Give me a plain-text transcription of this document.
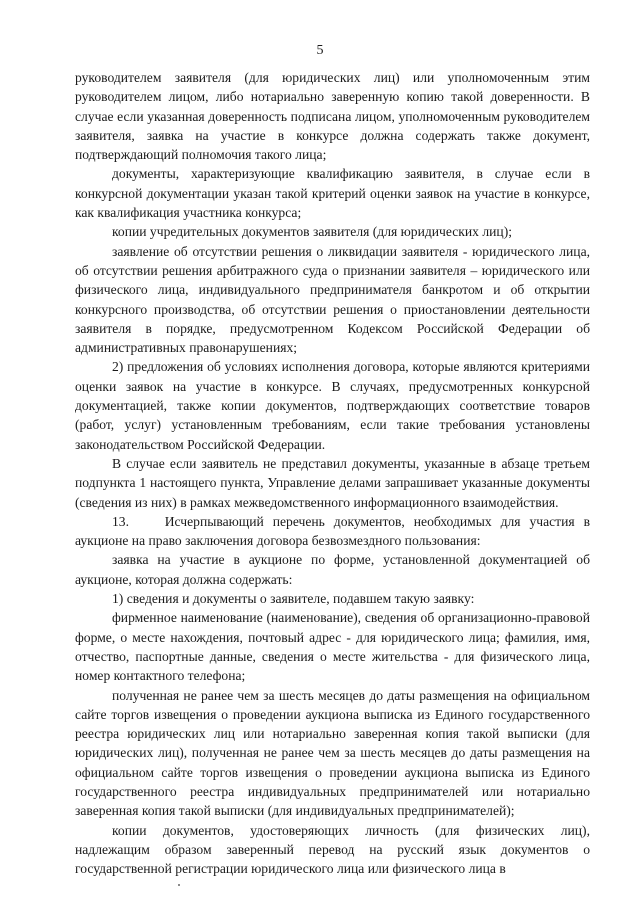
5

руководителем заявителя (для юридических лиц) или уполномоченным этим руководителем лицом, либо нотариально заверенную копию такой доверенности. В случае если указанная доверенность подписана лицом, уполномоченным руководителем заявителя, заявка на участие в конкурсе должна содержать также документ, подтверждающий полномочия такого лица;

документы, характеризующие квалификацию заявителя, в случае если в конкурсной документации указан такой критерий оценки заявок на участие в конкурсе, как квалификация участника конкурса;

копии учредительных документов заявителя (для юридических лиц);

заявление об отсутствии решения о ликвидации заявителя - юридического лица, об отсутствии решения арбитражного суда о признании заявителя – юридического или физического лица, индивидуального предпринимателя банкротом и об открытии конкурсного производства, об отсутствии решения о приостановлении деятельности заявителя в порядке, предусмотренном Кодексом Российской Федерации об административных правонарушениях;

2) предложения об условиях исполнения договора, которые являются критериями оценки заявок на участие в конкурсе. В случаях, предусмотренных конкурсной документацией, также копии документов, подтверждающих соответствие товаров (работ, услуг) установленным требованиям, если такие требования установлены законодательством Российской Федерации.

В случае если заявитель не представил документы, указанные в абзаце третьем подпункта 1 настоящего пункта, Управление делами запрашивает указанные документы (сведения из них) в рамках межведомственного информационного взаимодействия.

13.    Исчерпывающий перечень документов, необходимых для участия в аукционе на право заключения договора безвозмездного пользования:

заявка на участие в аукционе по форме, установленной документацией об аукционе, которая должна содержать:

1) сведения и документы о заявителе, подавшем такую заявку:

фирменное наименование (наименование), сведения об организационно-правовой форме, о месте нахождения, почтовый адрес - для юридического лица; фамилия, имя, отчество, паспортные данные, сведения о месте жительства - для физического лица, номер контактного телефона;

полученная не ранее чем за шесть месяцев до даты размещения на официальном сайте торгов извещения о проведении аукциона выписка из Единого государственного реестра юридических лиц или нотариально заверенная копия такой выписки (для юридических лиц), полученная не ранее чем за шесть месяцев до даты размещения на официальном сайте торгов извещения о проведении аукциона выписка из Единого государственного реестра индивидуальных предпринимателей или нотариально заверенная копия такой выписки (для индивидуальных предпринимателей);

копии документов, удостоверяющих личность (для физических лиц), надлежащим образом заверенный перевод на русский язык документов о государственной регистрации юридического лица или физического лица в
